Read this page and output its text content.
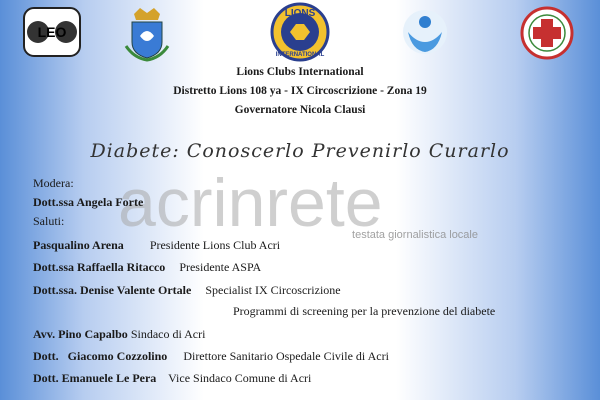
LEO
LIONS
INTERNATIONAL
Lions Clubs International
Distretto Lions 108 ya - IX Circoscrizione - Zona 19
Governatore Nicola Clausi
Diabete: Conoscerlo Prevenirlo Curarlo
acrinrete
testata giornalistica locale
Modera:
Dott.ssa Angela Forte
Saluti:
Pasqualino Arena Presidente Lions Club Acri
Dott.ssa Raffaella Ritacco Presidente ASPA
Dott.ssa. Denise Valente Ortale Specialist IX Circoscrizione
Programmi di screening per la prevenzione del diabete
Avv. Pino Capalbo Sindaco di Acri
Dott.   Giacomo Cozzolino Direttore Sanitario Ospedale Civile di Acri
Dott. Emanuele Le Pera Vice Sindaco Comune di Acri
